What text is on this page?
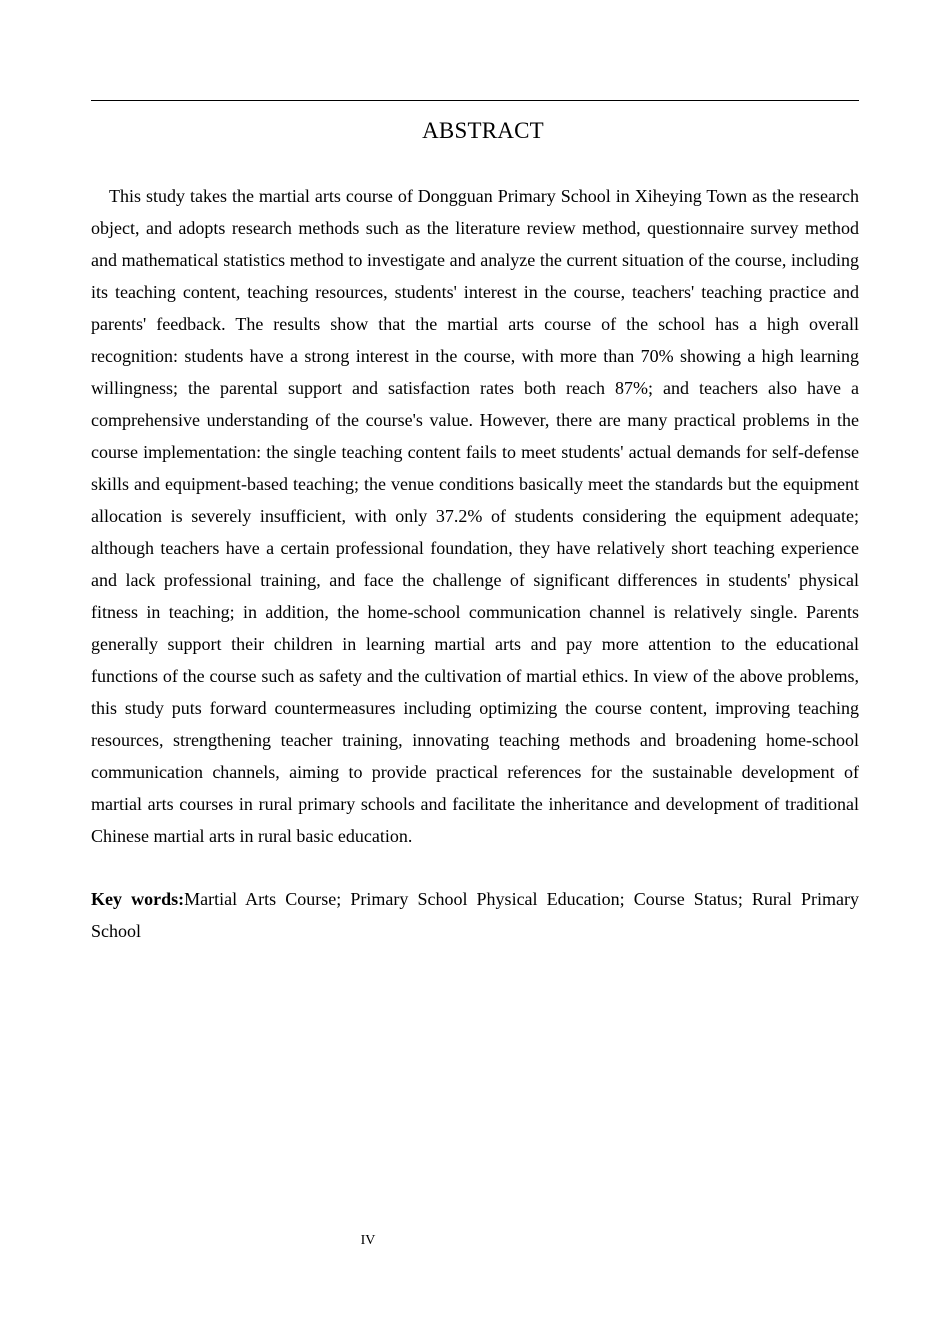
ABSTRACT

This study takes the martial arts course of Dongguan Primary School in Xiheying Town as the research object, and adopts research methods such as the literature review method, questionnaire survey method and mathematical statistics method to investigate and analyze the current situation of the course, including its teaching content, teaching resources, students' interest in the course, teachers' teaching practice and parents' feedback. The results show that the martial arts course of the school has a high overall recognition: students have a strong interest in the course, with more than 70% showing a high learning willingness; the parental support and satisfaction rates both reach 87%; and teachers also have a comprehensive understanding of the course's value. However, there are many practical problems in the course implementation: the single teaching content fails to meet students' actual demands for self-defense skills and equipment-based teaching; the venue conditions basically meet the standards but the equipment allocation is severely insufficient, with only 37.2% of students considering the equipment adequate; although teachers have a certain professional foundation, they have relatively short teaching experience and lack professional training, and face the challenge of significant differences in students' physical fitness in teaching; in addition, the home-school communication channel is relatively single. Parents generally support their children in learning martial arts and pay more attention to the educational functions of the course such as safety and the cultivation of martial ethics. In view of the above problems, this study puts forward countermeasures including optimizing the course content, improving teaching resources, strengthening teacher training, innovating teaching methods and broadening home-school communication channels, aiming to provide practical references for the sustainable development of martial arts courses in rural primary schools and facilitate the inheritance and development of traditional Chinese martial arts in rural basic education.

Key words:Martial Arts Course; Primary School Physical Education; Course Status; Rural Primary School

IV
